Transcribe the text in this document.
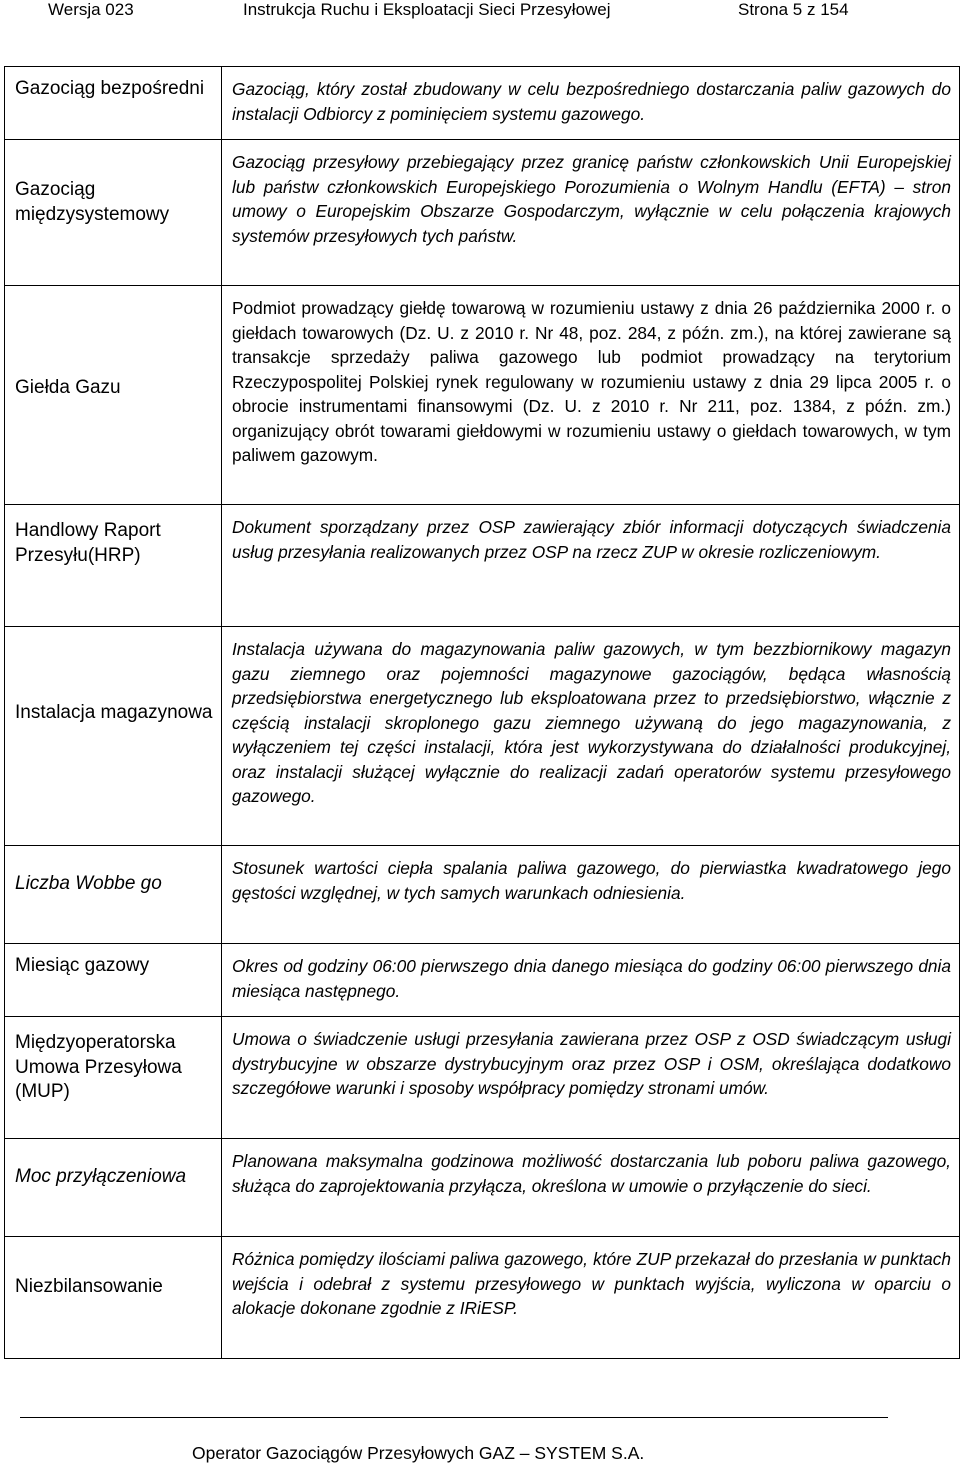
Wersja 023	Instrukcja Ruchu i Eksploatacji Sieci Przesyłowej	Strona 5 z 154
Gazociąg bezpośredni	Gazociąg, który został zbudowany w celu bezpośredniego dostarczania paliw gazowych do instalacji Odbiorcy z pominięciem systemu gazowego.

Gazociąg międzysystemowy	Gazociąg przesyłowy przebiegający przez granicę państw członkowskich Unii Europejskiej lub państw członkowskich Europejskiego Porozumienia o Wolnym Handlu (EFTA) – stron umowy o Europejskim Obszarze Gospodarczym, wyłącznie w celu połączenia krajowych systemów przesyłowych tych państw.

Giełda Gazu	Podmiot prowadzący giełdę towarową w rozumieniu ustawy z dnia 26 października 2000 r. o giełdach towarowych (Dz. U. z 2010 r. Nr 48, poz. 284, z późn. zm.), na której zawierane są transakcje sprzedaży paliwa gazowego lub podmiot prowadzący na terytorium Rzeczypospolitej Polskiej rynek regulowany w rozumieniu ustawy z dnia 29 lipca 2005 r. o obrocie instrumentami finansowymi (Dz. U. z 2010 r. Nr 211, poz. 1384, z późn. zm.) organizujący obrót towarami giełdowymi w rozumieniu ustawy o giełdach towarowych, w tym paliwem gazowym.

Handlowy Raport Przesyłu(HRP)	Dokument sporządzany przez OSP zawierający zbiór informacji dotyczących świadczenia usług przesyłania realizowanych przez OSP na rzecz ZUP w okresie rozliczeniowym.

Instalacja magazynowa	Instalacja używana do magazynowania paliw gazowych, w tym bezzbiornikowy magazyn gazu ziemnego oraz pojemności magazynowe gazociągów, będąca własnością przedsiębiorstwa energetycznego lub eksploatowana przez to przedsiębiorstwo, włącznie z częścią instalacji skroplonego gazu ziemnego używaną do jego magazynowania, z wyłączeniem tej części instalacji, która jest wykorzystywana do działalności produkcyjnej, oraz instalacji służącej wyłącznie do realizacji zadań operatorów systemu przesyłowego gazowego.

Liczba Wobbe go	Stosunek wartości ciepła spalania paliwa gazowego, do pierwiastka kwadratowego jego gęstości względnej, w tych samych warunkach odniesienia.

Miesiąc gazowy	Okres od godziny 06:00 pierwszego dnia danego miesiąca do godziny 06:00 pierwszego dnia miesiąca następnego.

Międzyoperatorska Umowa Przesyłowa (MUP)	Umowa o świadczenie usługi przesyłania zawierana przez OSP z OSD świadczącym usługi dystrybucyjne w obszarze dystrybucyjnym oraz przez OSP i OSM, określająca dodatkowo szczegółowe warunki i sposoby współpracy pomiędzy stronami umów.

Moc przyłączeniowa	Planowana maksymalna godzinowa możliwość dostarczania lub poboru paliwa gazowego, służąca do zaprojektowania przyłącza, określona w umowie o przyłączenie do sieci.

Niezbilansowanie	Różnica pomiędzy ilościami paliwa gazowego, które ZUP przekazał do przesłania w punktach wejścia i odebrał z systemu przesyłowego w punktach wyjścia, wyliczona w oparciu o alokacje dokonane zgodnie z IRiESP.
Operator Gazociągów Przesyłowych GAZ – SYSTEM S.A.
